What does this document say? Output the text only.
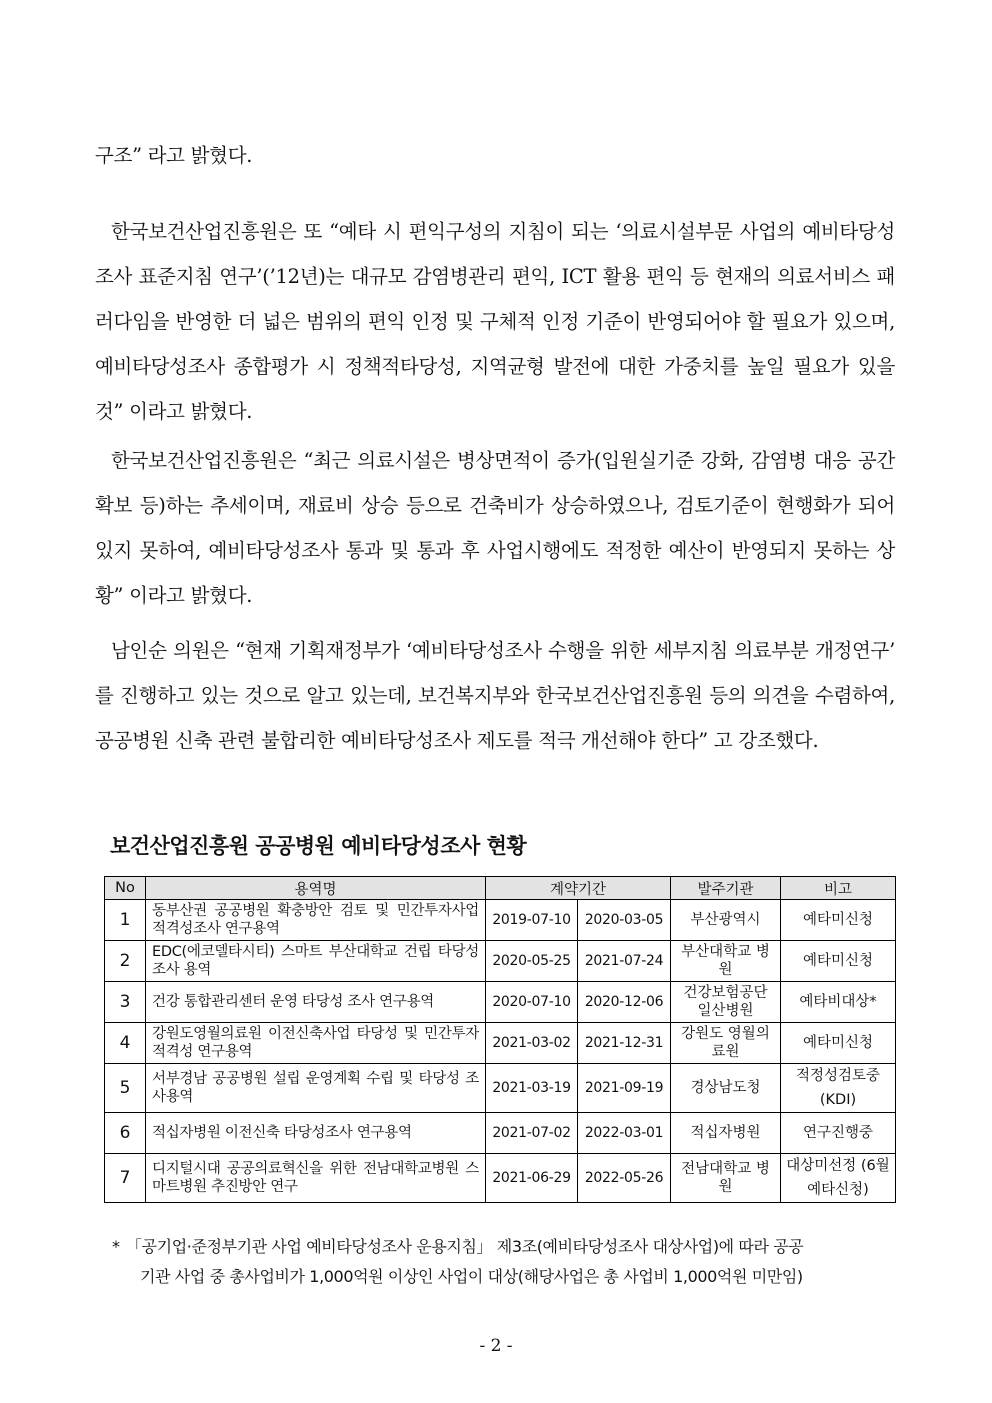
구조” 라고 밝혔다.

한국보건산업진흥원은 또 “예타 시 편익구성의 지침이 되는 ‘의료시설부문 사업의 예비타당성조사 표준지침 연구’(’12년)는 대규모 감염병관리 편익, ICT 활용 편익 등 현재의 의료서비스 패러다임을 반영한 더 넓은 범위의 편익 인정 및 구체적 인정 기준이 반영되어야 할 필요가 있으며, 예비타당성조사 종합평가 시 정책적타당성, 지역균형 발전에 대한 가중치를 높일 필요가 있을 것” 이라고 밝혔다.

한국보건산업진흥원은 “최근 의료시설은 병상면적이 증가(입원실기준 강화, 감염병 대응 공간 확보 등)하는 추세이며, 재료비 상승 등으로 건축비가 상승하였으나, 검토기준이 현행화가 되어 있지 못하여, 예비타당성조사 통과 및 통과 후 사업시행에도 적정한 예산이 반영되지 못하는 상황” 이라고 밝혔다.

남인순 의원은 “현재 기획재정부가 ‘예비타당성조사 수행을 위한 세부지침 의료부분 개정연구’ 를 진행하고 있는 것으로 알고 있는데, 보건복지부와 한국보건산업진흥원 등의 의견을 수렴하여, 공공병원 신축 관련 불합리한 예비타당성조사 제도를 적극 개선해야 한다” 고 강조했다.

보건산업진흥원 공공병원 예비타당성조사 현황
No	용역명	계약기간		발주기관	비고
1	동부산권 공공병원 확충방안 검토 및 민간투자사업 적격성조사 연구용역	2019-07-10	2020-03-05	부산광역시	예타미신청
2	EDC(에코델타시티) 스마트 부산대학교 건립 타당성 조사 용역	2020-05-25	2021-07-24	부산대학교 병원	예타미신청
3	건강 통합관리센터 운영 타당성 조사 연구용역	2020-07-10	2020-12-06	건강보험공단 일산병원	예타비대상*
4	강원도영월의료원 이전신축사업 타당성 및 민간투자적격성 연구용역	2021-03-02	2021-12-31	강원도 영월의료원	예타미신청
5	서부경남 공공병원 설립 운영계획 수립 및 타당성 조사용역	2021-03-19	2021-09-19	경상남도청	적정성검토중(KDI)
6	적십자병원 이전신축 타당성조사 연구용역	2021-07-02	2022-03-01	적십자병원	연구진행중
7	디지털시대 공공의료혁신을 위한 전남대학교병원 스마트병원 추진방안 연구	2021-06-29	2022-05-26	전남대학교 병원	대상미선정 (6월예타신청)

* 「공기업·준정부기관 사업 예비타당성조사 운용지침」 제3조(예비타당성조사 대상사업)에 따라 공공
기관 사업 중 총사업비가 1,000억원 이상인 사업이 대상(해당사업은 총 사업비 1,000억원 미만임)

- 2 -
